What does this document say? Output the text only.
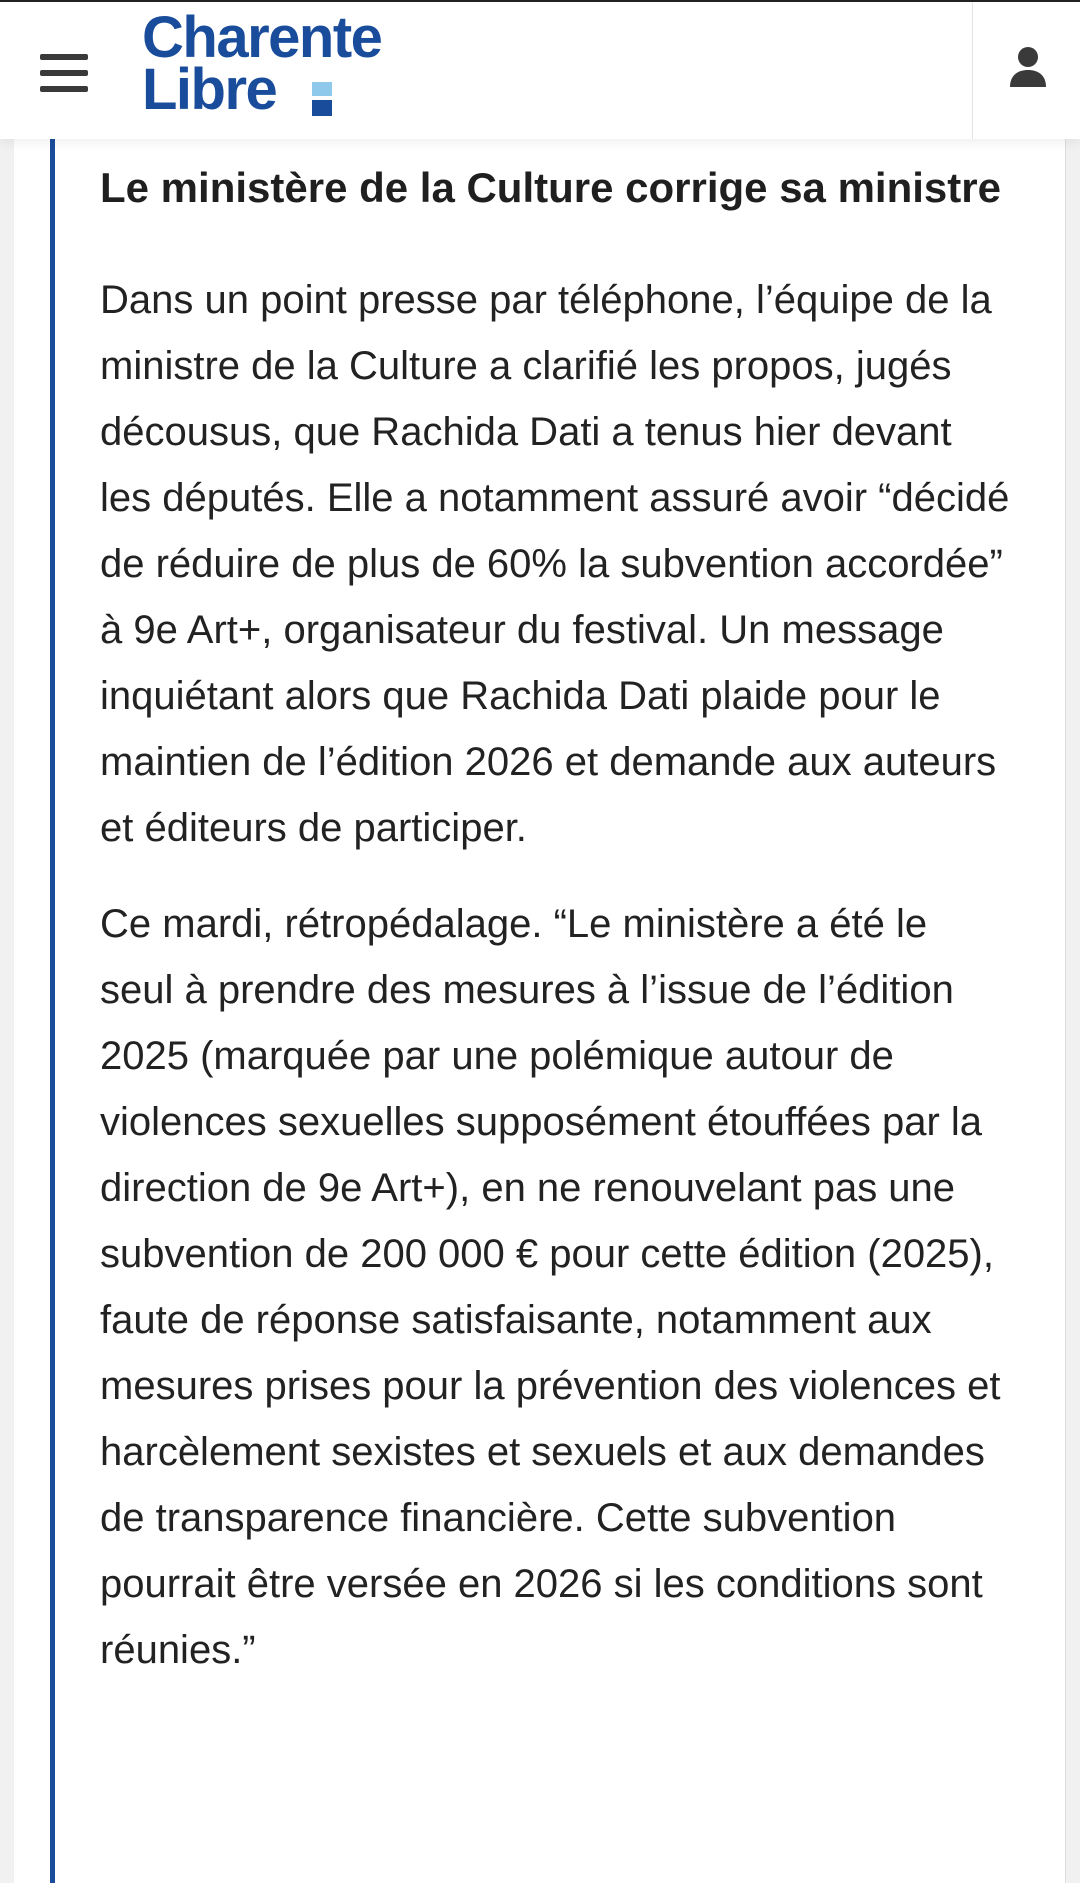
Charente
Libre
Le ministère de la Culture corrige sa ministre

Dans un point presse par téléphone, l’équipe de la ministre de la Culture a clarifié les propos, jugés décousus, que Rachida Dati a tenus hier devant les députés. Elle a notamment assuré avoir “décidé de réduire de plus de 60% la subvention accordée” à 9e Art+, organisateur du festival. Un message inquiétant alors que Rachida Dati plaide pour le maintien de l’édition 2026 et demande aux auteurs et éditeurs de participer.

Ce mardi, rétropédalage. “Le ministère a été le seul à prendre des mesures à l’issue de l’édition 2025 (marquée par une polémique autour de violences sexuelles supposément étouffées par la direction de 9e Art+), en ne renouvelant pas une subvention de 200 000 € pour cette édition (2025), faute de réponse satisfaisante, notamment aux mesures prises pour la prévention des violences et harcèlement sexistes et sexuels et aux demandes de transparence financière. Cette subvention pourrait être versée en 2026 si les conditions sont réunies.”
